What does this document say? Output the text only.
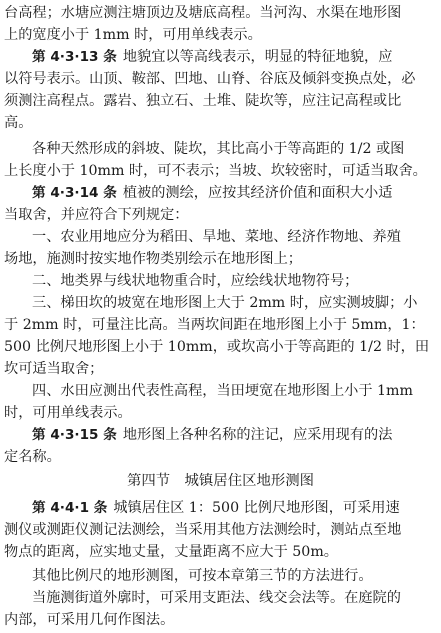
台高程；水塘应测注塘顶边及塘底高程。当河沟、水渠在地形图
上的宽度小于 1mm 时，可用单线表示。
第 4·3·13 条 地貌宜以等高线表示，明显的特征地貌，应
以符号表示。山顶、鞍部、凹地、山脊、谷底及倾斜变换点处，必
须测注高程点。露岩、独立石、土堆、陡坎等，应注记高程或比
高。
各种天然形成的斜坡、陡坎，其比高小于等高距的 1/2 或图
上长度小于 10mm 时，可不表示；当坡、坎较密时，可适当取舍。
第 4·3·14 条 植被的测绘，应按其经济价值和面积大小适
当取舍，并应符合下列规定：
一、农业用地应分为稻田、旱地、菜地、经济作物地、养殖
场地，施测时按实地作物类别绘示在地形图上；
二、地类界与线状地物重合时，应绘线状地物符号；
三、梯田坎的坡宽在地形图上大于 2mm 时，应实测坡脚；小
于 2mm 时，可量注比高。当两坎间距在地形图上小于 5mm，1：
500 比例尺地形图上小于 10mm，或坎高小于等高距的 1/2 时，田
坎可适当取舍；
四、水田应测出代表性高程，当田埂宽在地形图上小于 1mm
时，可用单线表示。
第 4·3·15 条 地形图上各种名称的注记，应采用现有的法
定名称。
第四节　城镇居住区地形测图
第 4·4·1 条 城镇居住区 1：500 比例尺地形图，可采用速
测仪或测距仪测记法测绘，当采用其他方法测绘时，测站点至地
物点的距离，应实地丈量，丈量距离不应大于 50m。
其他比例尺的地形测图，可按本章第三节的方法进行。
当施测街道外廓时，可采用支距法、线交会法等。在庭院的
内部，可采用几何作图法。
